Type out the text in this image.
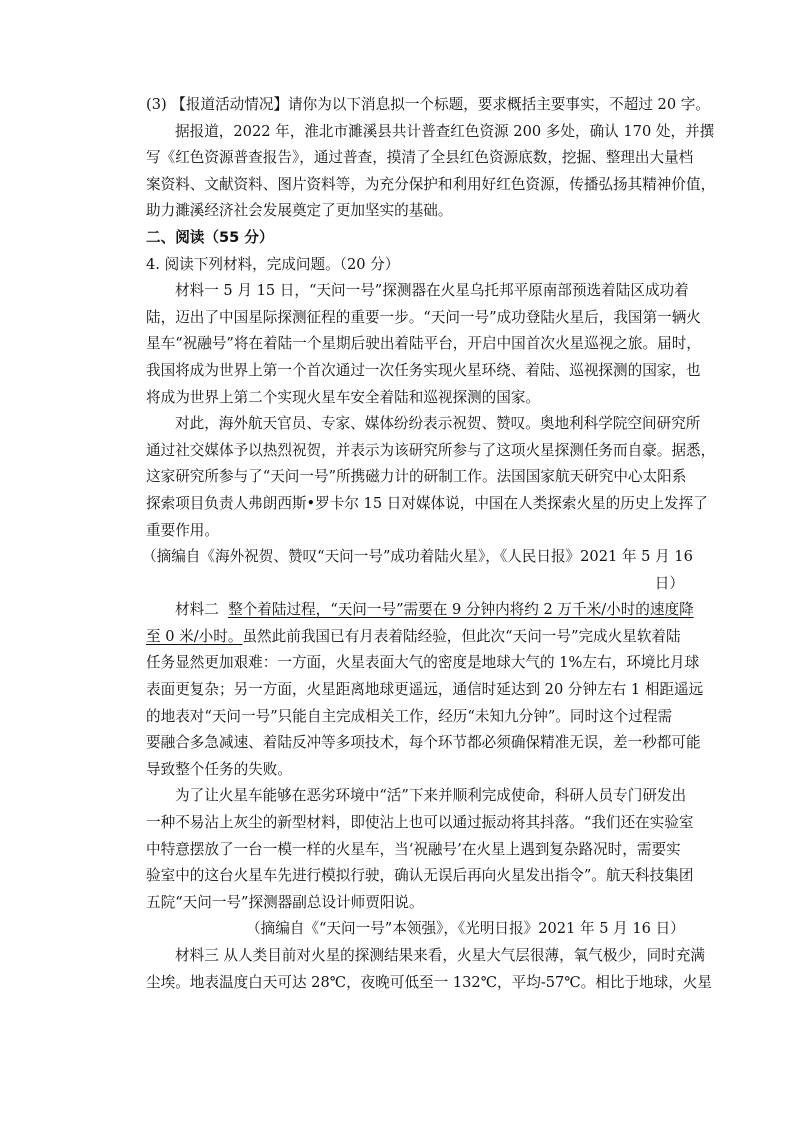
(3) 【报道活动情况】请你为以下消息拟一个标题，要求概括主要事实，不超过 20 字。

据报道，2022 年，淮北市濉溪县共计普查红色资源 200 多处，确认 170 处，并撰

写《红色资源普查报告》，通过普查，摸清了全县红色资源底数，挖掘、整理出大量档

案资料、文献资料、图片资料等，为充分保护和利用好红色资源，传播弘扬其精神价值，

助力濉溪经济社会发展奠定了更加坚实的基础。

二、阅读（55 分）

4. 阅读下列材料，完成问题。（20 分）

材料一 5 月 15 日，“天问一号”探测器在火星乌托邦平原南部预选着陆区成功着

陆，迈出了中国星际探测征程的重要一步。“天问一号”成功登陆火星后，我国第一辆火

星车“祝融号”将在着陆一个星期后驶出着陆平台，开启中国首次火星巡视之旅。届时，

我国将成为世界上第一个首次通过一次任务实现火星环绕、着陆、巡视探测的国家，也

将成为世界上第二个实现火星车安全着陆和巡视探测的国家。

对此，海外航天官员、专家、媒体纷纷表示祝贺、赞叹。奥地利科学院空间研究所

通过社交媒体予以热烈祝贺，并表示为该研究所参与了这项火星探测任务而自豪。据悉，

这家研究所参与了“天问一号”所携磁力计的研制工作。法国国家航天研究中心太阳系

探索项目负责人弗朗西斯•罗卡尔 15 日对媒体说，中国在人类探索火星的历史上发挥了

重要作用。

（摘编自《海外祝贺、赞叹“天问一号”成功着陆火星》，《人民日报》2021 年 5 月 16

日）

材料二 整个着陆过程，“天问一号”需要在 9 分钟内将约 2 万千米/小时的速度降

至 0 米/小时。虽然此前我国已有月表着陆经验，但此次“天问一号”完成火星软着陆

任务显然更加艰难：一方面，火星表面大气的密度是地球大气的 1%左右，环境比月球

表面更复杂；另一方面，火星距离地球更遥远，通信时延达到 20 分钟左右 1 相距遥远

的地表对“天问一号”只能自主完成相关工作，经历“未知九分钟”。同时这个过程需

要融合多急减速、着陆反冲等多项技术，每个环节都必须确保精准无误，差一秒都可能

导致整个任务的失败。

为了让火星车能够在恶劣环境中“活”下来并顺利完成使命，科研人员专门研发出

一种不易沾上灰尘的新型材料，即使沾上也可以通过振动将其抖落。“我们还在实验室

中特意摆放了一台一模一样的火星车，当‘祝融号’在火星上遇到复杂路况时，需要实

验室中的这台火星车先进行模拟行驶，确认无误后再向火星发出指令”。航天科技集团

五院“天问一号”探测器副总设计师贾阳说。

（摘编自《“天问一号”本领强》，《光明日报》2021 年 5 月 16 日）

材料三 从人类目前对火星的探测结果来看，火星大气层很薄，氧气极少，同时充满

尘埃。地表温度白天可达 28℃，夜晚可低至一 132℃，平均-57℃。相比于地球，火星
